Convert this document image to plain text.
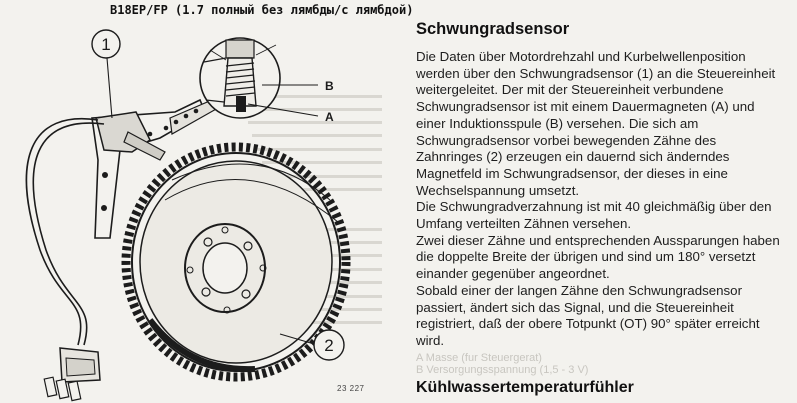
B18EP/FP (1.7 полный без лямбды/с лямбдой)
1
2
A
B
23 227
Schwungradsensor

Die Daten über Motordrehzahl und Kurbelwellenposition werden über den Schwungradsensor (1) an die Steuereinheit weitergeleitet. Der mit der Steuereinheit verbundene Schwungradsensor ist mit einem Dauermagneten (A) und einer Induktionsspule (B) versehen. Die sich am Schwungradsensor vorbei bewegenden Zähne des Zahnringes (2) erzeugen ein dauernd sich änderndes Magnetfeld im Schwungradsensor, der dieses in eine Wechselspannung umsetzt.

Die Schwungradverzahnung ist mit 40 gleichmäßig über den Umfang verteilten Zähnen versehen.

Zwei dieser Zähne und entsprechenden Aussparungen haben die doppelte Breite der übrigen und sind um 180° versetzt einander gegenüber angeordnet.

Sobald einer der langen Zähne den Schwungradsensor passiert, ändert sich das Signal, und die Steuereinheit registriert, daß der obere Totpunkt (OT) 90° später erreicht wird.

A Masse (fur Steuergerat)
B Versorgungsspannung (1,5 - 3 V)
Kühlwassertemperaturfühler
